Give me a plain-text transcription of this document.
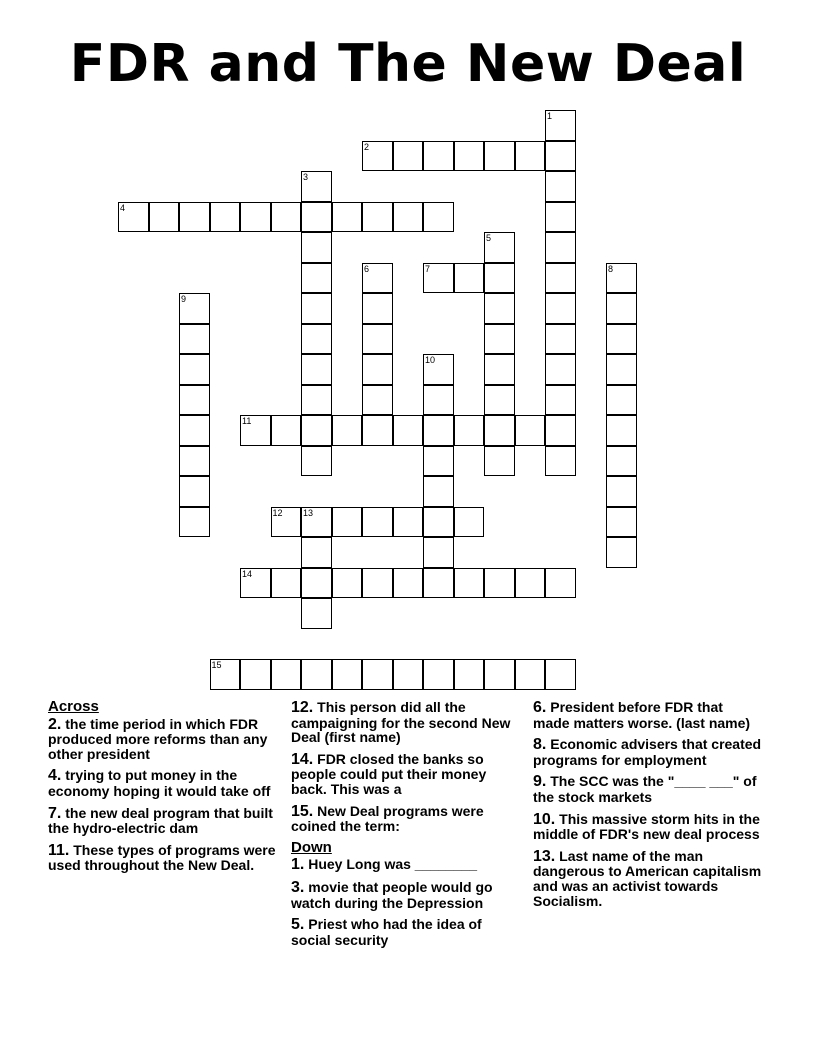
FDR and The New Deal
1
2
3
4
5
6	7	8
9
10
11
12 13
14
15
Across
2. the time period in which FDR produced more reforms than any other president
4. trying to put money in the economy hoping it would take off
7. the new deal program that built the hydro-electric dam
11. These types of programs were used throughout the New Deal.
12. This person did all the campaigning for the second New Deal (first name)
14. FDR closed the banks so people could put their money back. This was a
15. New Deal programs were coined the term:
Down
1. Huey Long was ________
3. movie that people would go watch during the Depression
5. Priest who had the idea of social security
6. President before FDR that made matters worse. (last name)
8. Economic advisers that created programs for employment
9. The SCC was the "____ ___" of the stock markets
10. This massive storm hits in the middle of FDR's new deal process
13. Last name of the man dangerous to American capitalism and was an activist towards Socialism.
